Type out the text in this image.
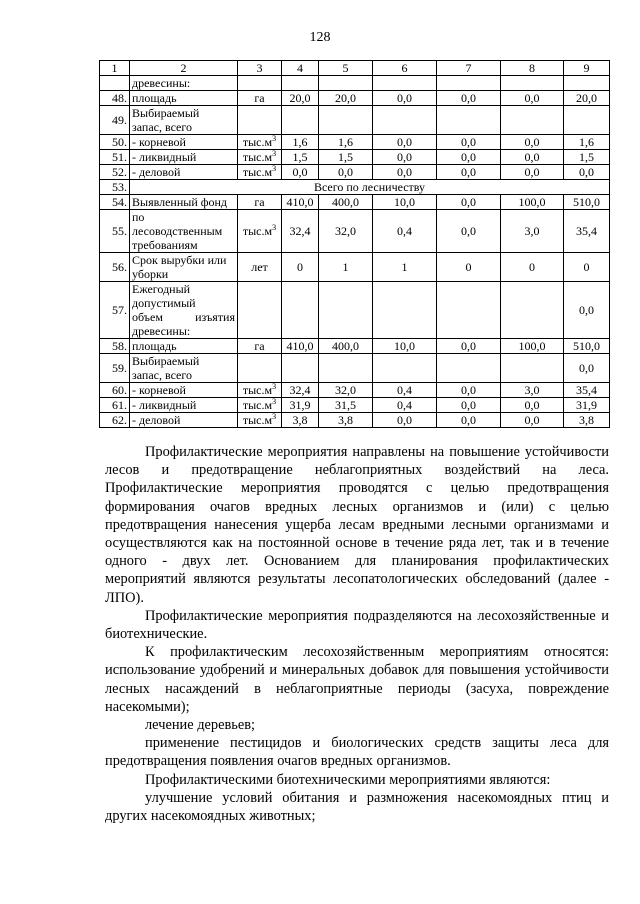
128
1	2	3	4	5	6	7	8	9

	древесины:							

48.	площадь	га	20,0	20,0	0,0	0,0	0,0	20,0
49.	Выбираемый
запас, всего							

50.	- корневой	$тыс.м^3$	1,6	1,6	0,0	0,0	0,0	1,6
51.	- ликвидный	$тыс.м^3$	1,5	1,5	0,0	0,0	0,0	1,5
52.	- деловой	$тыс.м^3$	0,0	0,0	0,0	0,0	0,0	0,0
53.	Всего по лесничеству							
54.	Выявленный фонд	га	410,0	400,0	10,0	0,0	100,0	510,0
55.	по
лесоводственным
требованиям	$тыс.м^3$	32,4	32,0	0,4	0,0	3,0	35,4
56.	Срок вырубки или
уборки	лет	0	1	1	0	0	0
57.	Ежегодный
допустимый
объем изъятия
древесины:							0,0
58.	площадь	га	410,0	400,0	10,0	0,0	100,0	510,0
59.	Выбираемый
запас, всего							0,0
60.	- корневой	$тыс.м^3$	32,4	32,0	0,4	0,0	3,0	35,4
61.	- ликвидный	$тыс.м^3$	31,9	31,5	0,4	0,0	0,0	31,9
62.	- деловой	$тыс.м^3$	3,8	3,8	0,0	0,0	0,0	3,8

Профилактические мероприятия направлены на повышение устойчивости лесов и предотвращение неблагоприятных воздействий на леса. Профилактические мероприятия проводятся с целью предотвращения формирования очагов вредных лесных организмов и (или) с целью предотвращения нанесения ущерба лесам вредными лесными организмами и осуществляются как на постоянной основе в течение ряда лет, так и в течение одного - двух лет. Основанием для планирования профилактических мероприятий являются результаты лесопатологических обследований (далее - ЛПО).

Профилактические мероприятия подразделяются на лесохозяйственные и биотехнические.

К профилактическим лесохозяйственным мероприятиям относятся: использование удобрений и минеральных добавок для повышения устойчивости лесных насаждений в неблагоприятные периоды (засуха, повреждение насекомыми);

лечение деревьев;

применение пестицидов и биологических средств защиты леса для предотвращения появления очагов вредных организмов.

Профилактическими биотехническими мероприятиями являются:

улучшение условий обитания и размножения насекомоядных птиц и других насекомоядных животных;
